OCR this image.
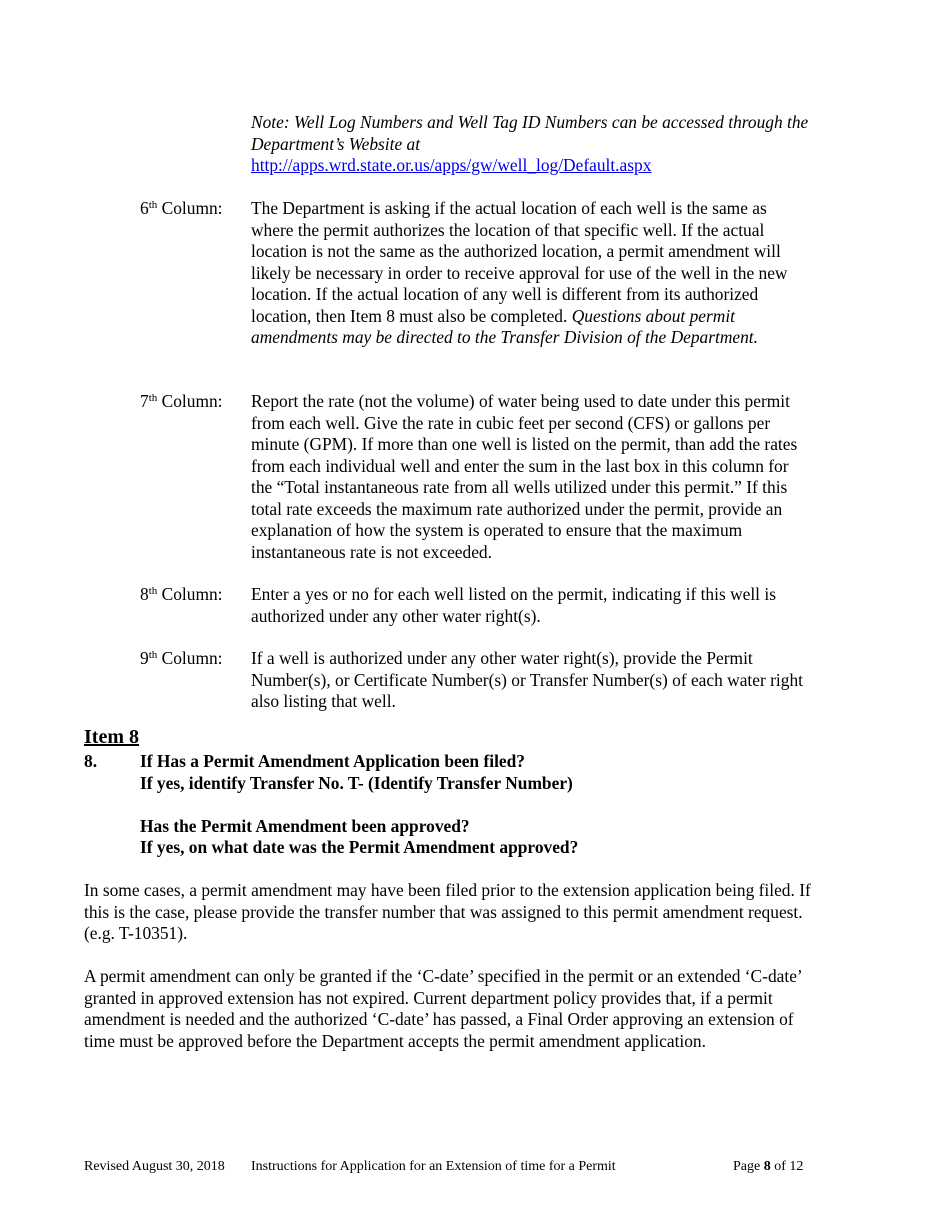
Note: Well Log Numbers and Well Tag ID Numbers can be accessed through the Department’s Website at
http://apps.wrd.state.or.us/apps/gw/well_log/Default.aspx
6th Column: The Department is asking if the actual location of each well is the same as where the permit authorizes the location of that specific well. If the actual location is not the same as the authorized location, a permit amendment will likely be necessary in order to receive approval for use of the well in the new location. If the actual location of any well is different from its authorized location, then Item 8 must also be completed. Questions about permit amendments may be directed to the Transfer Division of the Department.
7th Column: Report the rate (not the volume) of water being used to date under this permit from each well. Give the rate in cubic feet per second (CFS) or gallons per minute (GPM). If more than one well is listed on the permit, than add the rates from each individual well and enter the sum in the last box in this column for the “Total instantaneous rate from all wells utilized under this permit.” If this total rate exceeds the maximum rate authorized under the permit, provide an explanation of how the system is operated to ensure that the maximum instantaneous rate is not exceeded.
8th Column: Enter a yes or no for each well listed on the permit, indicating if this well is authorized under any other water right(s).
9th Column: If a well is authorized under any other water right(s), provide the Permit Number(s), or Certificate Number(s) or Transfer Number(s) of each water right also listing that well.
Item 8
8. If Has a Permit Amendment Application been filed?
If yes, identify Transfer No. T- (Identify Transfer Number)
Has the Permit Amendment been approved?
If yes, on what date was the Permit Amendment approved?
In some cases, a permit amendment may have been filed prior to the extension application being filed. If this is the case, please provide the transfer number that was assigned to this permit amendment request. (e.g. T-10351).
A permit amendment can only be granted if the ‘C-date’ specified in the permit or an extended ‘C-date’ granted in approved extension has not expired. Current department policy provides that, if a permit amendment is needed and the authorized ‘C-date’ has passed, a Final Order approving an extension of time must be approved before the Department accepts the permit amendment application.
Revised August 30, 2018 Instructions for Application for an Extension of time for a Permit	Page 8 of 12
